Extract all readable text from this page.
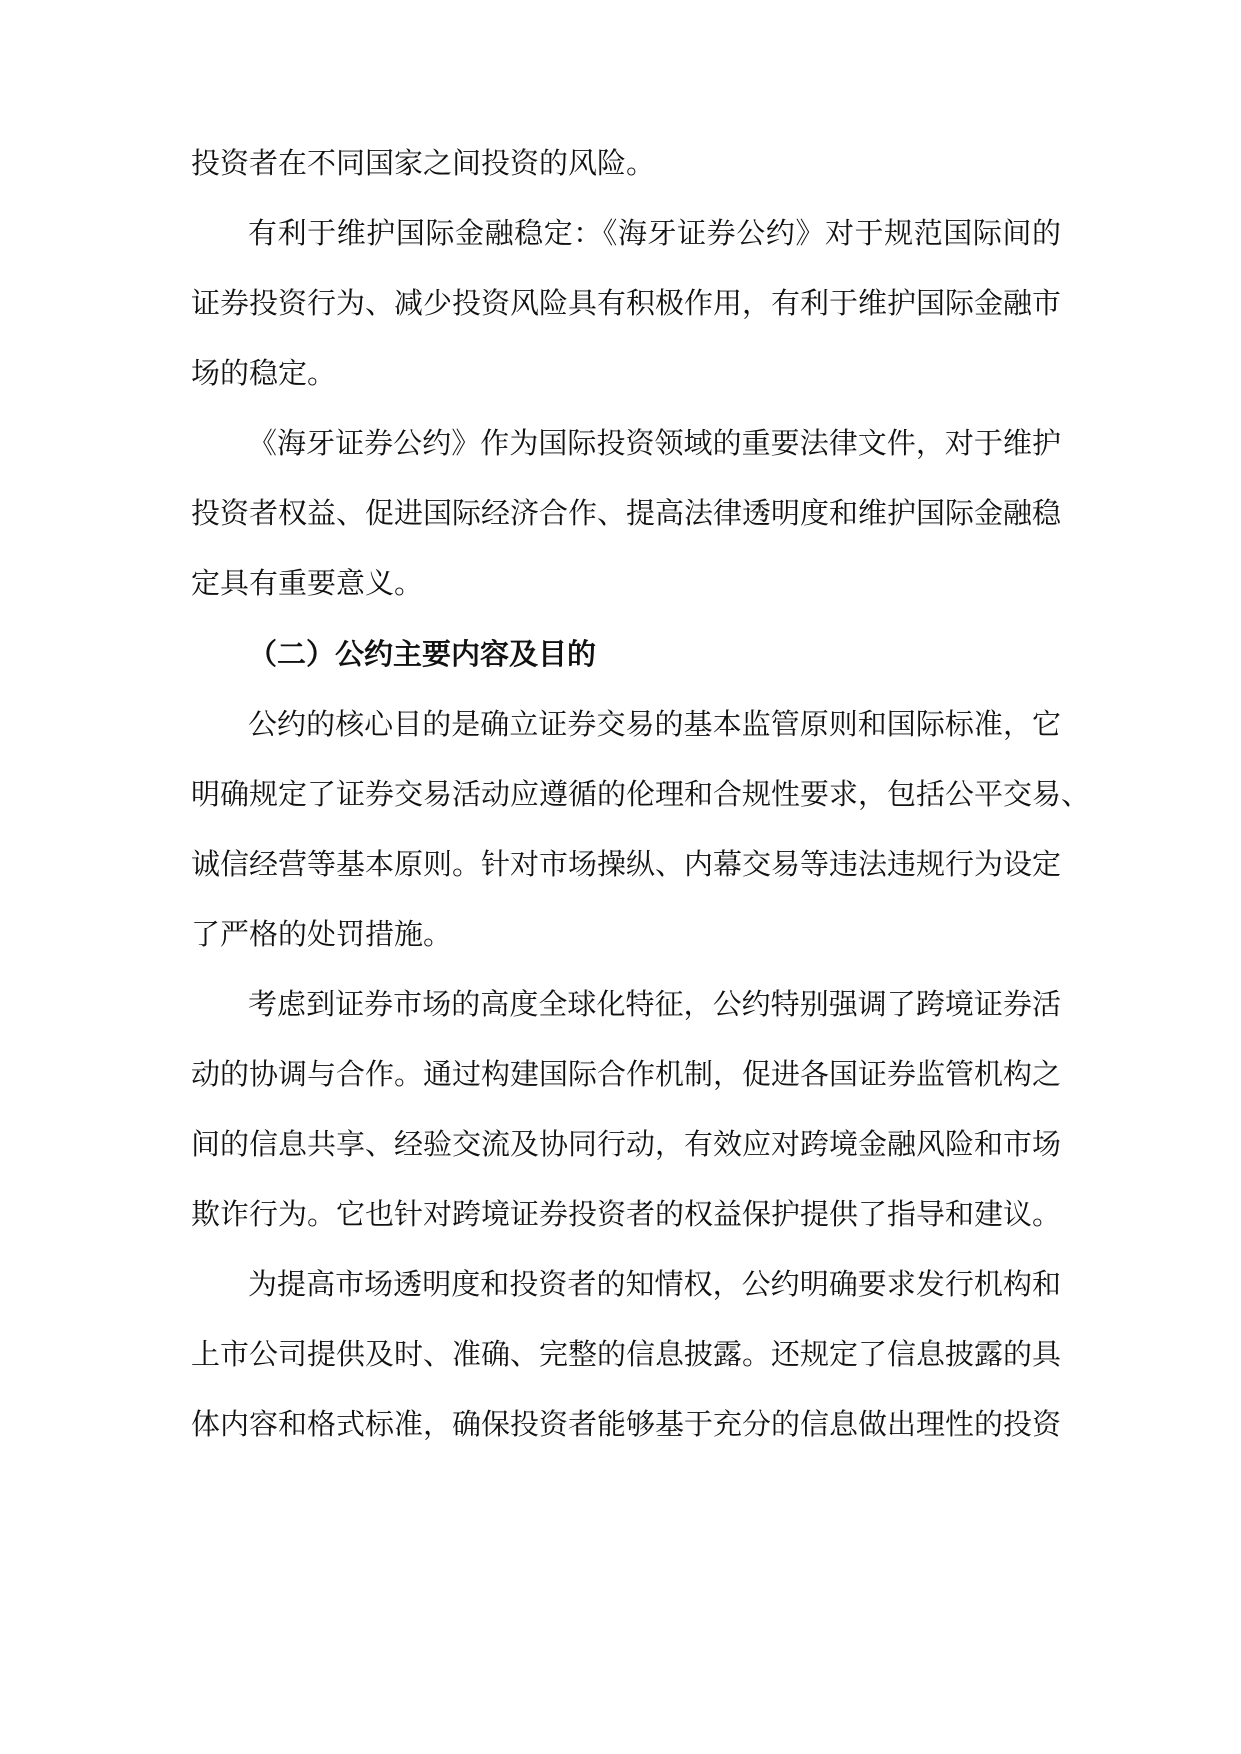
投资者在不同国家之间投资的风险。
有利于维护国际金融稳定：《海牙证券公约》对于规范国际间的
证券投资行为、减少投资风险具有积极作用，有利于维护国际金融市
场的稳定。
《海牙证券公约》作为国际投资领域的重要法律文件，对于维护
投资者权益、促进国际经济合作、提高法律透明度和维护国际金融稳
定具有重要意义。
（二）公约主要内容及目的
公约的核心目的是确立证券交易的基本监管原则和国际标准，它
明确规定了证券交易活动应遵循的伦理和合规性要求，包括公平交易、
诚信经营等基本原则。针对市场操纵、内幕交易等违法违规行为设定
了严格的处罚措施。
考虑到证券市场的高度全球化特征，公约特别强调了跨境证券活
动的协调与合作。通过构建国际合作机制，促进各国证券监管机构之
间的信息共享、经验交流及协同行动，有效应对跨境金融风险和市场
欺诈行为。它也针对跨境证券投资者的权益保护提供了指导和建议。
为提高市场透明度和投资者的知情权，公约明确要求发行机构和
上市公司提供及时、准确、完整的信息披露。还规定了信息披露的具
体内容和格式标准，确保投资者能够基于充分的信息做出理性的投资
